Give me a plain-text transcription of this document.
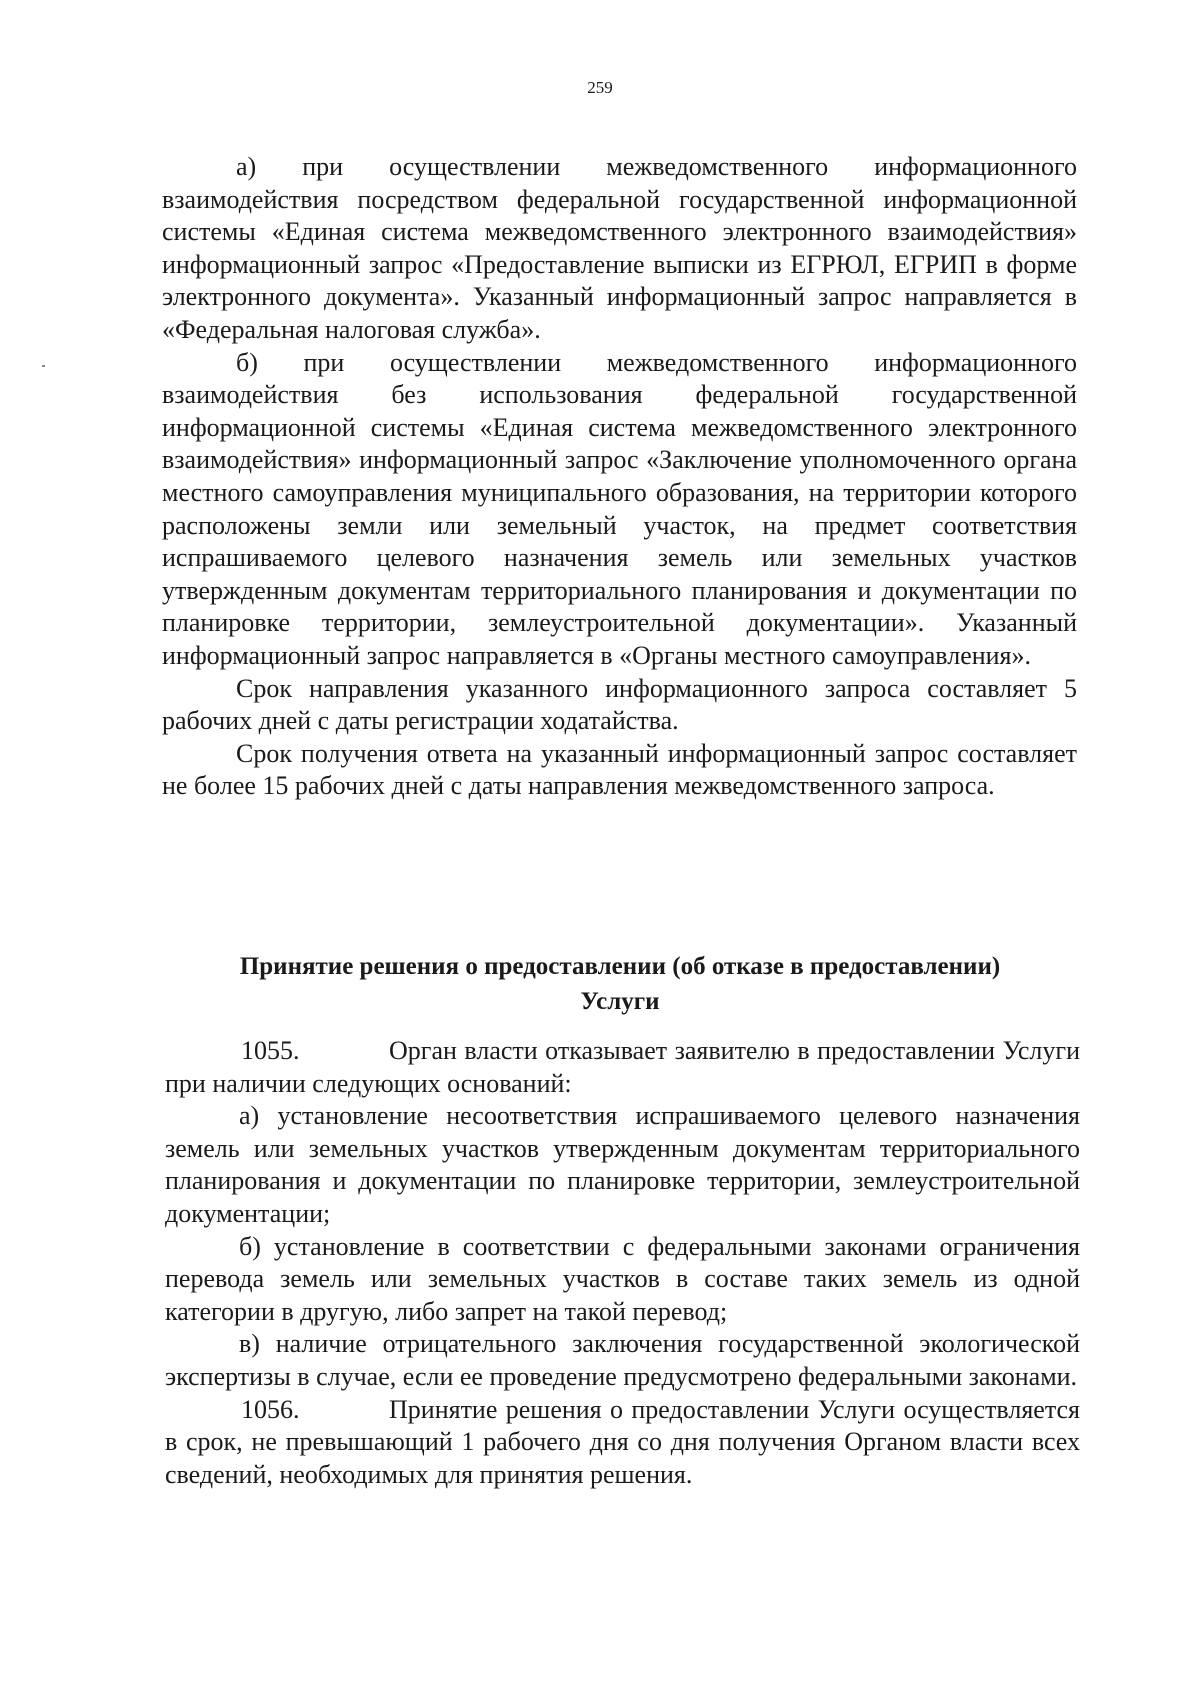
259

а) при осуществлении межведомственного информационного взаимодействия посредством федеральной государственной информационной системы «Единая система межведомственного электронного взаимодействия» информационный запрос «Предоставление выписки из ЕГРЮЛ, ЕГРИП в форме электронного документа». Указанный информационный запрос направляется в «Федеральная налоговая служба».

б) при осуществлении межведомственного информационного взаимодействия без использования федеральной государственной информационной системы «Единая система межведомственного электронного взаимодействия» информационный запрос «Заключение уполномоченного органа местного самоуправления муниципального образования, на территории которого расположены земли или земельный участок, на предмет соответствия испрашиваемого целевого назначения земель или земельных участков утвержденным документам территориального планирования и документации по планировке территории, землеустроительной документации». Указанный информационный запрос направляется в «Органы местного самоуправления».

Срок направления указанного информационного запроса составляет 5 рабочих дней с даты регистрации ходатайства.

Срок получения ответа на указанный информационный запрос составляет не более 15 рабочих дней с даты направления межведомственного запроса.

Принятие решения о предоставлении (об отказе в предоставлении)
Услуги

1055.	Орган власти отказывает заявителю в предоставлении Услуги при наличии следующих оснований:

а) установление несоответствия испрашиваемого целевого назначения земель или земельных участков утвержденным документам территориального планирования и документации по планировке территории, землеустроительной документации;

б) установление в соответствии с федеральными законами ограничения перевода земель или земельных участков в составе таких земель из одной категории в другую, либо запрет на такой перевод;

в) наличие отрицательного заключения государственной экологической экспертизы в случае, если ее проведение предусмотрено федеральными законами.

1056.	Принятие решения о предоставлении Услуги осуществляется в срок, не превышающий 1 рабочего дня со дня получения Органом власти всех сведений, необходимых для принятия решения.
